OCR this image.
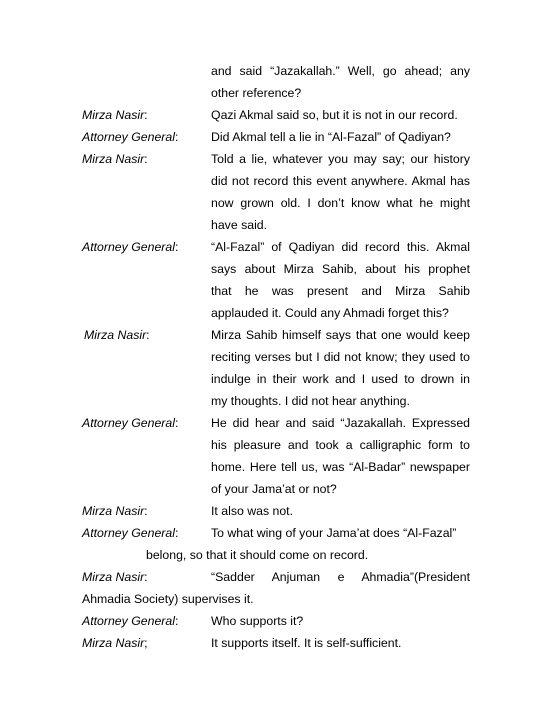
and said “Jazakallah.” Well, go ahead; any
other reference?
Mirza Nasir:	Qazi Akmal said so, but it is not in our record.
Attorney General:	Did Akmal tell a lie in “Al-Fazal” of Qadiyan?
Mirza Nasir:	Told a lie, whatever you may say; our history
did not record this event anywhere. Akmal has
now grown old. I don’t know what he might
have said.
Attorney General:	“Al-Fazal” of Qadiyan did record this. Akmal
says about Mirza Sahib, about his prophet
that he was present and Mirza Sahib
applauded it. Could any Ahmadi forget this?
Mirza Nasir:	Mirza Sahib himself says that one would keep
reciting verses but I did not know; they used to
indulge in their work and I used to drown in
my thoughts. I did not hear anything.
Attorney General:	He did hear and said “Jazakallah. Expressed
his pleasure and took a calligraphic form to
home. Here tell us, was “Al-Badar” newspaper
of your Jama’at or not?
Mirza Nasir:	It also was not.
Attorney General:	To what wing of your Jama’at does “Al-Fazal”
belong, so that it should come on record.
Mirza Nasir:	“Sadder Anjuman e Ahmadia”(President
Ahmadia Society) supervises it.
Attorney General:	Who supports it?
Mirza Nasir;	It supports itself. It is self-sufficient.
